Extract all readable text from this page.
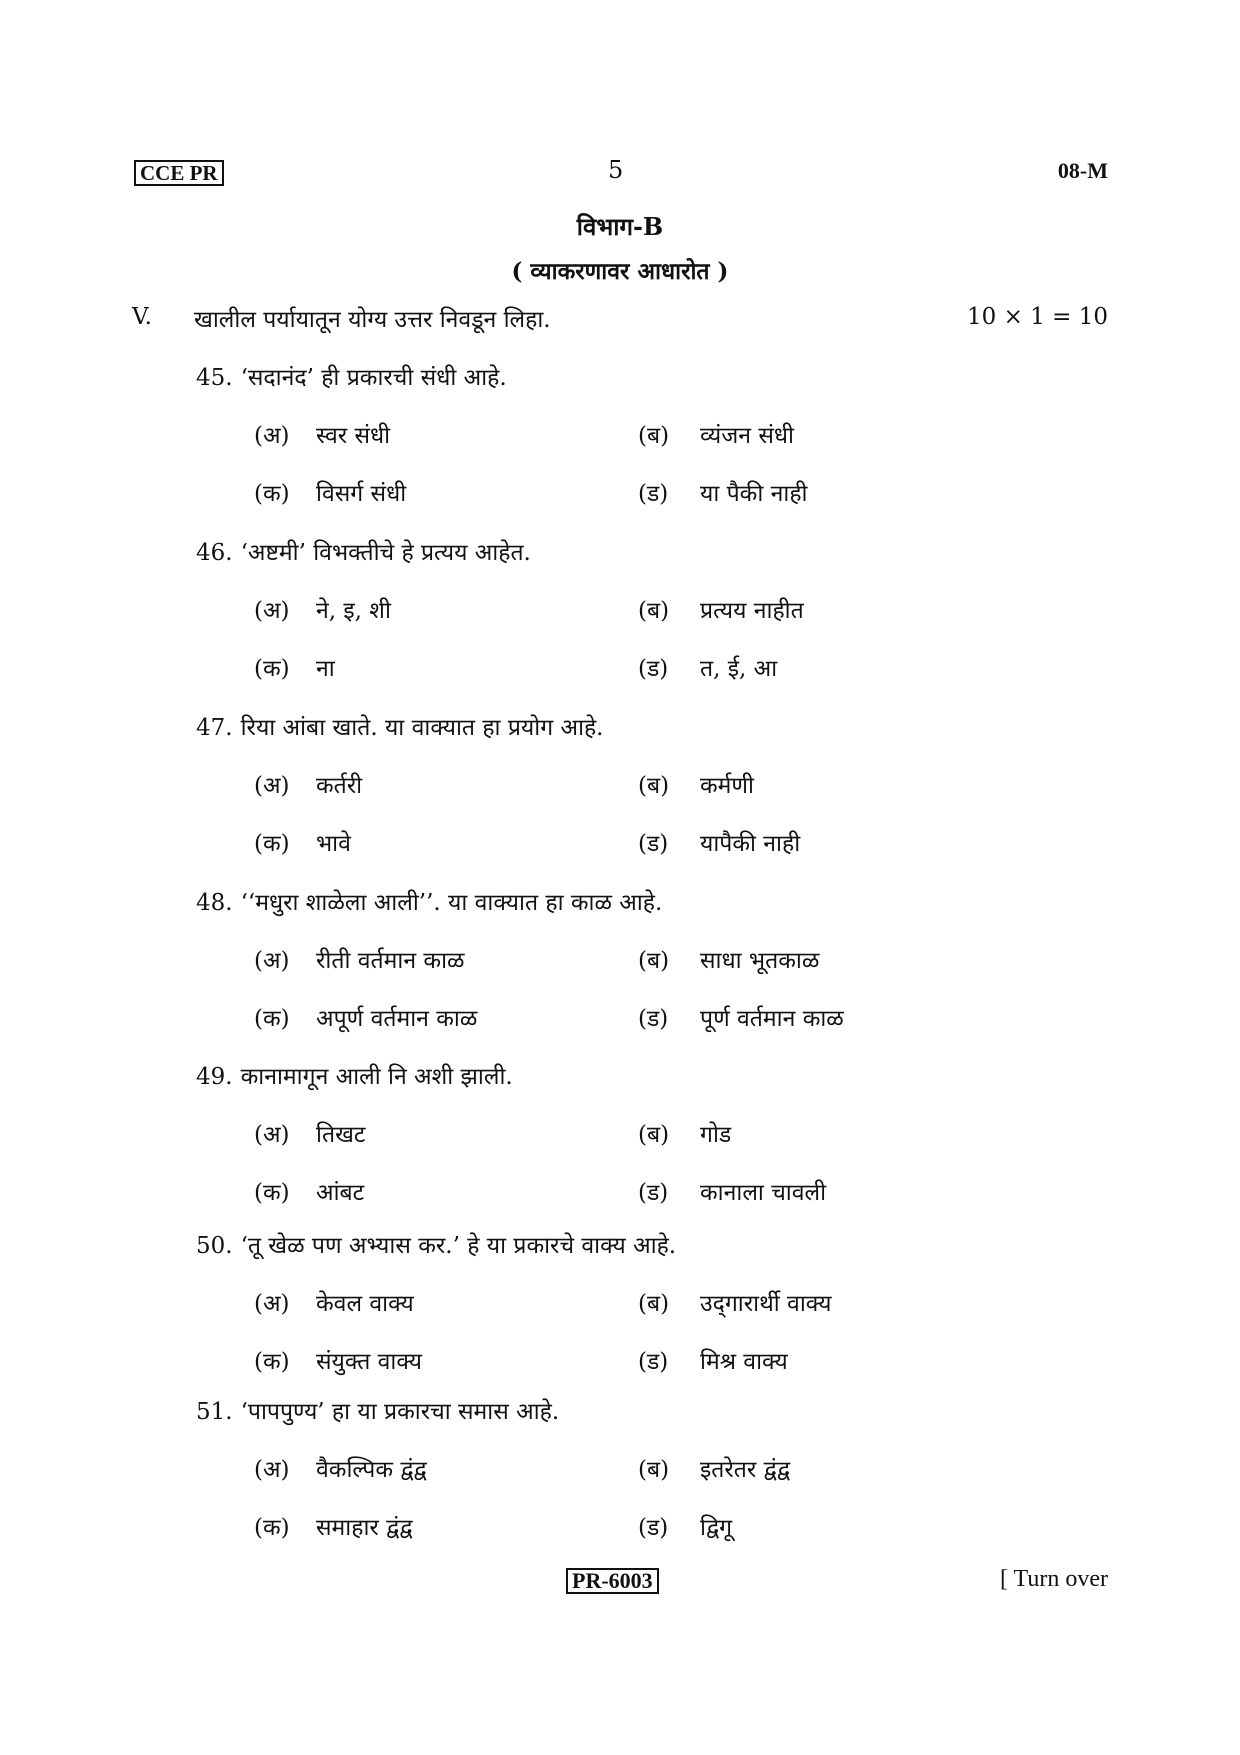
CCE PR	5	08-M
विभाग-B
( व्याकरणावर आधारोत )
V. खालील पर्यायातून योग्य उत्तर निवडून लिहा.	10 × 1 = 10
45. ‘सदानंद’ ही प्रकारची संधी आहे.
(अ) स्वर संधी	(ब) व्यंजन संधी
(क) विसर्ग संधी	(ड) या पैकी नाही
46. ‘अष्टमी’ विभक्तीचे हे प्रत्यय आहेत.
(अ) ने, इ, शी	(ब) प्रत्यय नाहीत
(क) ना	(ड) त, ई, आ
47. रिया आंबा खाते. या वाक्यात हा प्रयोग आहे.
(अ) कर्तरी	(ब) कर्मणी
(क) भावे	(ड) यापैकी नाही
48. ‘‘मधुरा शाळेला आली’’. या वाक्यात हा काळ आहे.
(अ) रीती वर्तमान काळ	(ब) साधा भूतकाळ
(क) अपूर्ण वर्तमान काळ	(ड) पूर्ण वर्तमान काळ
49. कानामागून आली नि अशी झाली.
(अ) तिखट	(ब) गोड
(क) आंबट	(ड) कानाला चावली
50. ‘तू खेळ पण अभ्यास कर.’ हे या प्रकारचे वाक्य आहे.
(अ) केवल वाक्य	(ब) उद्‌गारार्थी वाक्य
(क) संयुक्त वाक्य	(ड) मिश्र वाक्य
51. ‘पापपुण्य’ हा या प्रकारचा समास आहे.
(अ) वैकल्पिक द्वंद्व	(ब) इतरेतर द्वंद्व
(क) समाहार द्वंद्व	(ड) द्विगू
PR-6003	[ Turn over
